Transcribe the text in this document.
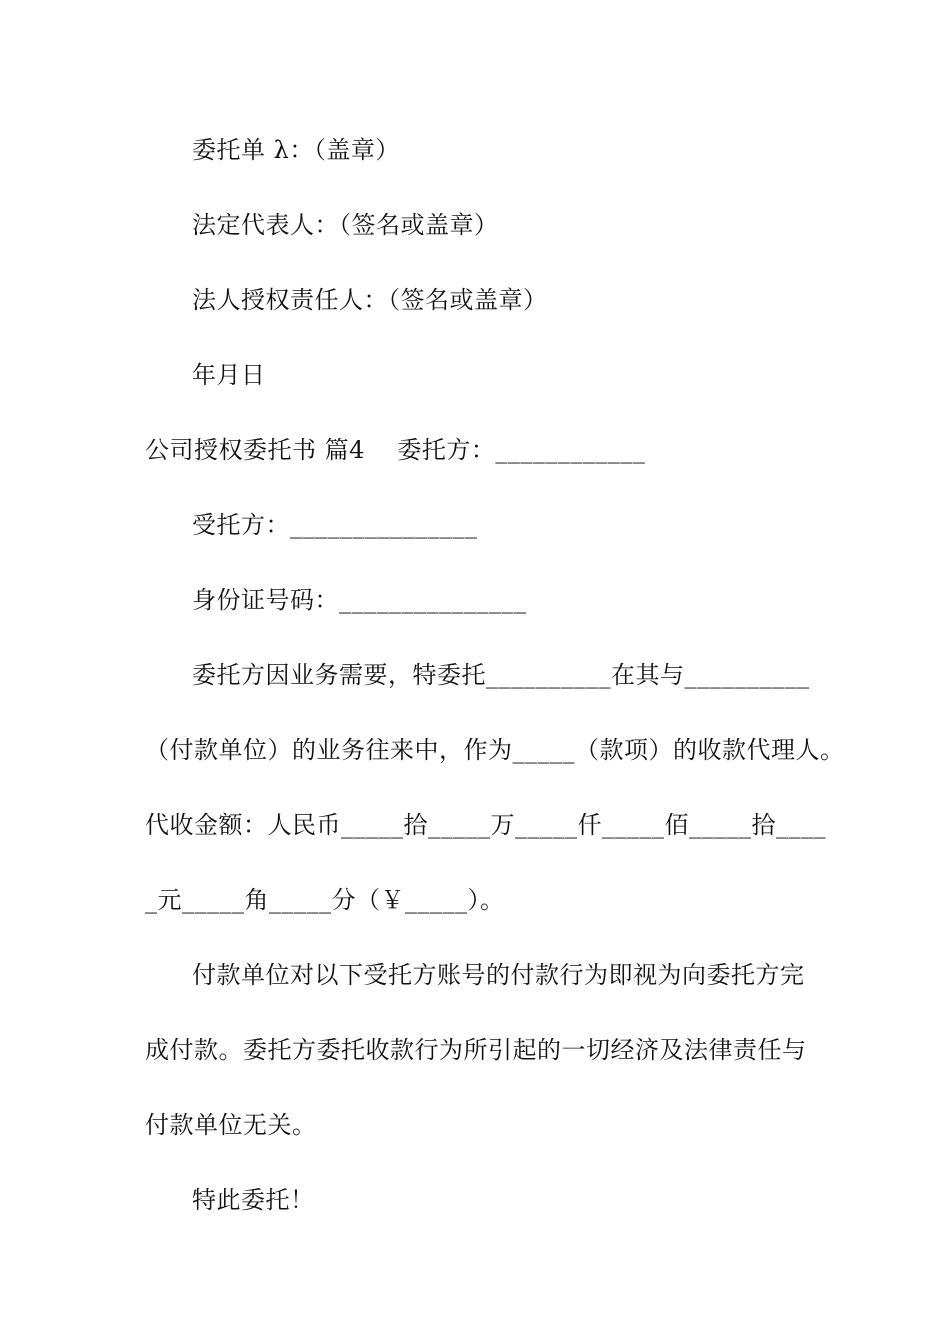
委托单 λ：（盖章）
法定代表人：（签名或盖章）
法人授权责任人：（签名或盖章）
年月日
公司授权委托书 篇4    委托方：____________
受托方：_______________
身份证号码：_______________
委托方因业务需要，特委托__________在其与__________
（付款单位）的业务往来中，作为_____（款项）的收款代理人。
代收金额：人民币_____拾_____万_____仟_____佰_____拾____
_元_____角_____分（￥_____）。
付款单位对以下受托方账号的付款行为即视为向委托方完
成付款。委托方委托收款行为所引起的一切经济及法律责任与
付款单位无关。
特此委托！
